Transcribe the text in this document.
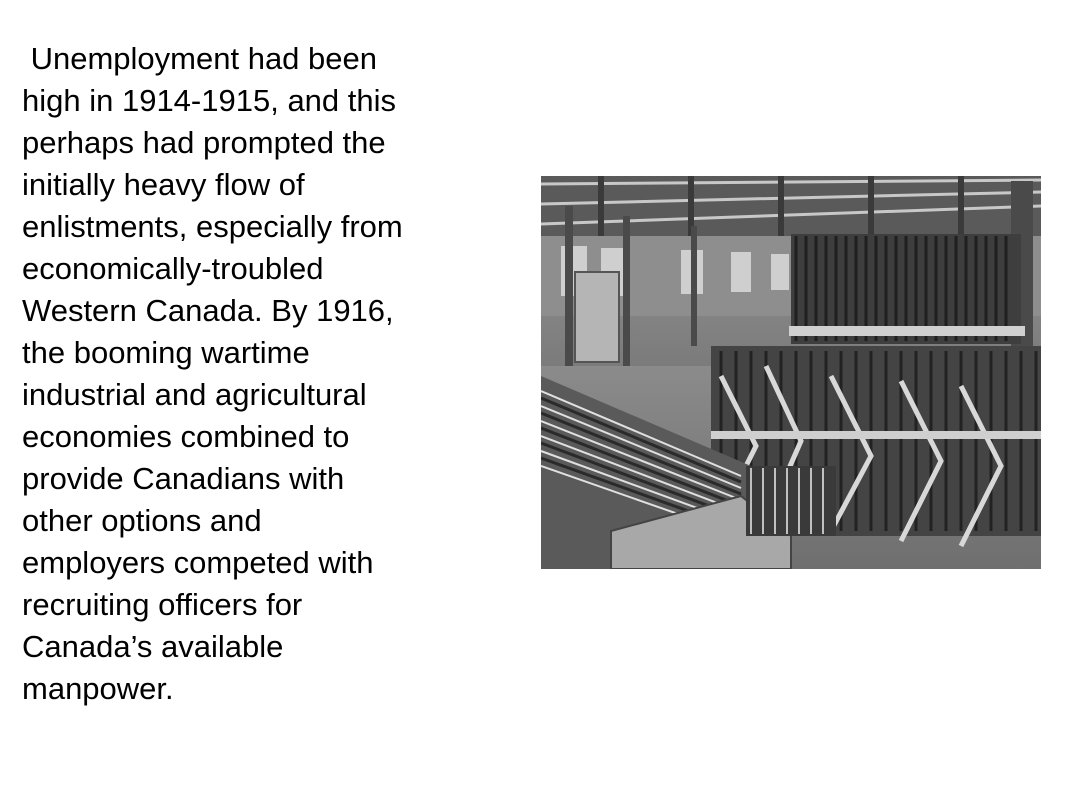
Unemployment had been
high in 1914-1915, and this
perhaps had prompted the
initially heavy flow of
enlistments, especially from
economically-troubled
Western Canada. By 1916,
the booming wartime
industrial and agricultural
economies combined to
provide Canadians with
other options and
employers competed with
recruiting officers for
Canada’s available
manpower.
